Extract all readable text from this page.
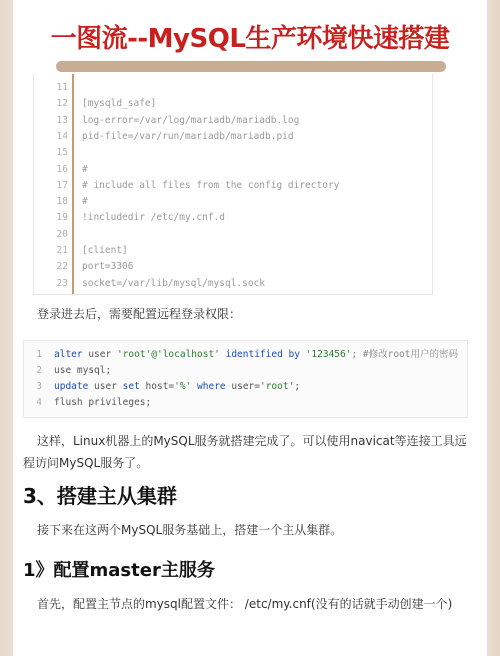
一图流--MySQL生产环境快速搭建
11
12 [mysqld_safe]
13 log-error=/var/log/mariadb/mariadb.log
14 pid-file=/var/run/mariadb/mariadb.pid
15
16 #
17 # include all files from the config directory
18 #
19 !includedir /etc/my.cnf.d
20
21 [client]
22 port=3306
23 socket=/var/lib/mysql/mysql.sock

登录进去后，需要配置远程登录权限：

1 alter user 'root'@'localhost' identified by '123456'; #修改root用户的密码
2 use mysql;
3 update user set host='%' where user='root';
4 flush privileges;

这样，Linux机器上的MySQL服务就搭建完成了。可以使用navicat等连接工具远

程访问MySQL服务了。

3、搭建主从集群

接下来在这两个MySQL服务基础上，搭建一个主从集群。

1》配置master主服务

首先，配置主节点的mysql配置文件： /etc/my.cnf(没有的话就手动创建一个)
